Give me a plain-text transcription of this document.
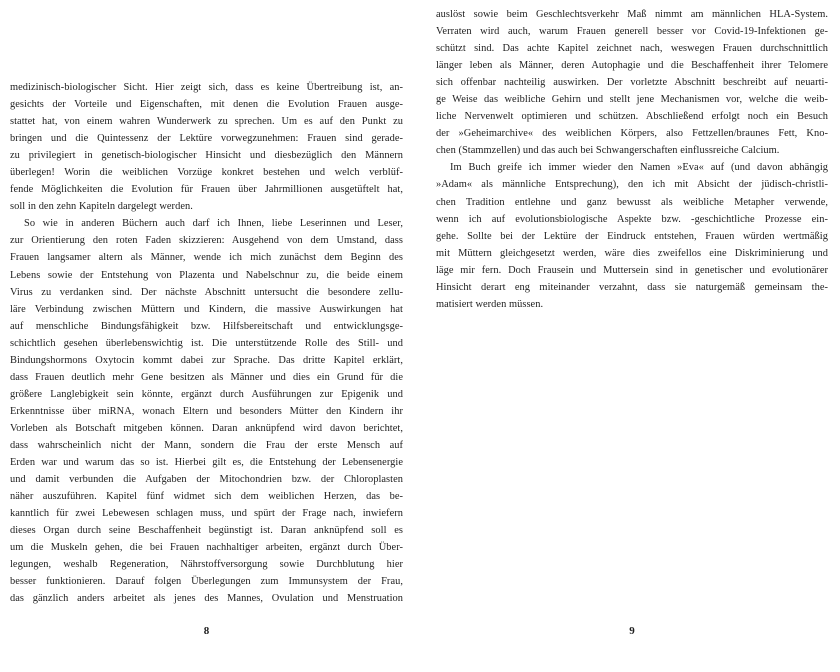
medizinisch-biologischer Sicht. Hier zeigt sich, dass es keine Übertreibung ist, an-
gesichts der Vorteile und Eigenschaften, mit denen die Evolution Frauen ausge-
stattet hat, von einem wahren Wunderwerk zu sprechen. Um es auf den Punkt zu
bringen und die Quintessenz der Lektüre vorwegzunehmen: Frauen sind gerade-
zu privilegiert in genetisch-biologischer Hinsicht und diesbezüglich den Männern
überlegen! Worin die weiblichen Vorzüge konkret bestehen und welch verblüf-
fende Möglichkeiten die Evolution für Frauen über Jahrmillionen ausgetüftelt hat,
soll in den zehn Kapiteln dargelegt werden.
So wie in anderen Büchern auch darf ich Ihnen, liebe Leserinnen und Leser,
zur Orientierung den roten Faden skizzieren: Ausgehend von dem Umstand, dass
Frauen langsamer altern als Männer, wende ich mich zunächst dem Beginn des
Lebens sowie der Entstehung von Plazenta und Nabelschnur zu, die beide einem
Virus zu verdanken sind. Der nächste Abschnitt untersucht die besondere zellu-
läre Verbindung zwischen Müttern und Kindern, die massive Auswirkungen hat
auf menschliche Bindungsfähigkeit bzw. Hilfsbereitschaft und entwicklungsge-
schichtlich gesehen überlebenswichtig ist. Die unterstützende Rolle des Still- und
Bindungshormons Oxytocin kommt dabei zur Sprache. Das dritte Kapitel erklärt,
dass Frauen deutlich mehr Gene besitzen als Männer und dies ein Grund für die
größere Langlebigkeit sein könnte, ergänzt durch Ausführungen zur Epigenik und
Erkenntnisse über miRNA, wonach Eltern und besonders Mütter den Kindern ihr
Vorleben als Botschaft mitgeben können. Daran anknüpfend wird davon berichtet,
dass wahrscheinlich nicht der Mann, sondern die Frau der erste Mensch auf
Erden war und warum das so ist. Hierbei gilt es, die Entstehung der Lebensenergie
und damit verbunden die Aufgaben der Mitochondrien bzw. der Chloroplasten
näher auszuführen. Kapitel fünf widmet sich dem weiblichen Herzen, das be-
kanntlich für zwei Lebewesen schlagen muss, und spürt der Frage nach, inwiefern
dieses Organ durch seine Beschaffenheit begünstigt ist. Daran anknüpfend soll es
um die Muskeln gehen, die bei Frauen nachhaltiger arbeiten, ergänzt durch Über-
legungen, weshalb Regeneration, Nährstoffversorgung sowie Durchblutung hier
besser funktionieren. Darauf folgen Überlegungen zum Immunsystem der Frau,
das gänzlich anders arbeitet als jenes des Mannes, Ovulation und Menstruation
8
auslöst sowie beim Geschlechtsverkehr Maß nimmt am männlichen HLA-System.
Verraten wird auch, warum Frauen generell besser vor Covid-19-Infektionen ge-
schützt sind. Das achte Kapitel zeichnet nach, weswegen Frauen durchschnittlich
länger leben als Männer, deren Autophagie und die Beschaffenheit ihrer Telomere
sich offenbar nachteilig auswirken. Der vorletzte Abschnitt beschreibt auf neuarti-
ge Weise das weibliche Gehirn und stellt jene Mechanismen vor, welche die weib-
liche Nervenwelt optimieren und schützen. Abschließend erfolgt noch ein Besuch
der »Geheimarchive« des weiblichen Körpers, also Fettzellen/braunes Fett, Kno-
chen (Stammzellen) und das auch bei Schwangerschaften einflussreiche Calcium.
Im Buch greife ich immer wieder den Namen »Eva« auf (und davon abhängig
»Adam« als männliche Entsprechung), den ich mit Absicht der jüdisch-christli-
chen Tradition entlehne und ganz bewusst als weibliche Metapher verwende,
wenn ich auf evolutionsbiologische Aspekte bzw. -geschichtliche Prozesse ein-
gehe. Sollte bei der Lektüre der Eindruck entstehen, Frauen würden wertmäßig
mit Müttern gleichgesetzt werden, wäre dies zweifellos eine Diskriminierung und
läge mir fern. Doch Frausein und Muttersein sind in genetischer und evolutionärer
Hinsicht derart eng miteinander verzahnt, dass sie naturgemäß gemeinsam the-
matisiert werden müssen.
9
